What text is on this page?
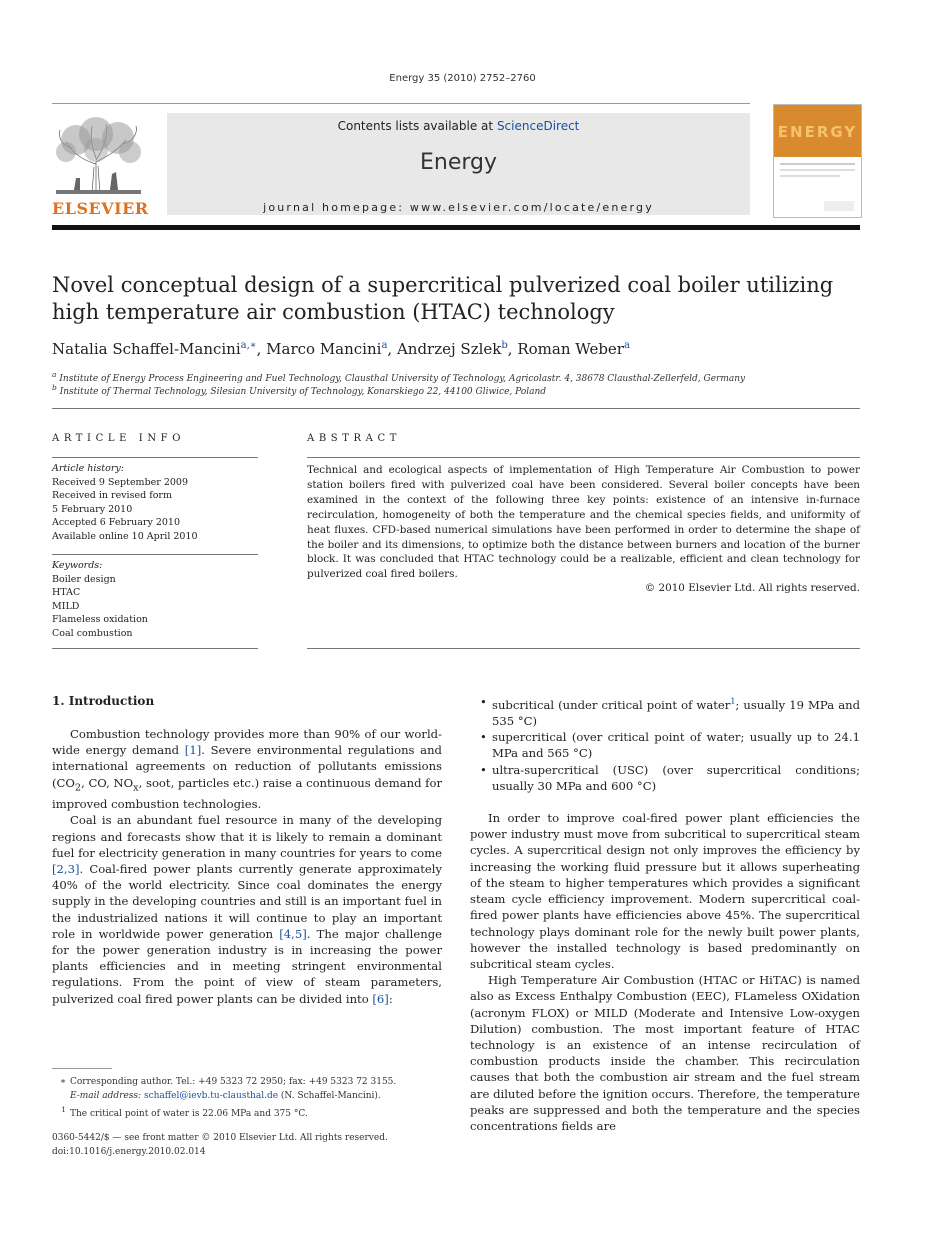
Energy 35 (2010) 2752–2760
ELSEVIER
Contents lists available at ScienceDirect
Energy
journal homepage: www.elsevier.com/locate/energy
ENERGY
Novel conceptual design of a supercritical pulverized coal boiler utilizing high temperature air combustion (HTAC) technology
Natalia Schaffel-Mancini$^{a,∗}$, Marco Mancini$^a$, Andrzej Szlek$^b$, Roman Weber$^a$
$^a$ Institute of Energy Process Engineering and Fuel Technology, Clausthal University of Technology, Agricolastr. 4, 38678 Clausthal-Zellerfeld, Germany
$^b$ Institute of Thermal Technology, Silesian University of Technology, Konarskiego 22, 44100 Gliwice, Poland
ARTICLE INFO
Article history:
Received 9 September 2009
Received in revised form
5 February 2010
Accepted 6 February 2010
Available online 10 April 2010
Keywords:
Boiler design
HTAC
MILD
Flameless oxidation
Coal combustion
ABSTRACT
Technical and ecological aspects of implementation of High Temperature Air Combustion to power station boilers fired with pulverized coal have been considered. Several boiler concepts have been examined in the context of the following three key points: existence of an intensive in-furnace recirculation, homogeneity of both the temperature and the chemical species fields, and uniformity of heat fluxes. CFD-based numerical simulations have been performed in order to determine the shape of the boiler and its dimensions, to optimize both the distance between burners and location of the burner block. It was concluded that HTAC technology could be a realizable, efficient and clean technology for pulverized coal fired boilers.
© 2010 Elsevier Ltd. All rights reserved.
1. Introduction

Combustion technology provides more than 90% of our world-wide energy demand [1]. Severe environmental regulations and international agreements on reduction of pollutants emissions ($CO_2$, CO, $NO_x$, soot, particles etc.) raise a continuous demand for improved combustion technologies.

Coal is an abundant fuel resource in many of the developing regions and forecasts show that it is likely to remain a dominant fuel for electricity generation in many countries for years to come [2,3]. Coal-fired power plants currently generate approximately 40% of the world electricity. Since coal dominates the energy supply in the developing countries and still is an important fuel in the industrialized nations it will continue to play an important role in worldwide power generation [4,5]. The major challenge for the power generation industry is in increasing the power plants efficiencies and in meeting stringent environmental regulations. From the point of view of steam parameters, pulverized coal fired power plants can be divided into [6]:

• subcritical (under critical point of water$^1$; usually 19 MPa and 535 °C)
• supercritical (over critical point of water; usually up to 24.1 MPa and 565 °C)
• ultra-supercritical (USC) (over supercritical conditions; usually 30 MPa and 600 °C)

In order to improve coal-fired power plant efficiencies the power industry must move from subcritical to supercritical steam cycles. A supercritical design not only improves the efficiency by increasing the working fluid pressure but it allows superheating of the steam to higher temperatures which provides a significant steam cycle efficiency improvement. Modern supercritical coal-fired power plants have efficiencies above 45%. The supercritical technology plays dominant role for the newly built power plants, however the installed technology is based predominantly on subcritical steam cycles.

High Temperature Air Combustion (HTAC or HiTAC) is named also as Excess Enthalpy Combustion (EEC), FLameless OXidation (acronym FLOX) or MILD (Moderate and Intensive Low-oxygen Dilution) combustion. The most important feature of HTAC technology is an existence of an intense recirculation of combustion products inside the chamber. This recirculation causes that both the combustion air stream and the fuel stream are diluted before the ignition occurs. Therefore, the temperature peaks are suppressed and both the temperature and the species concentrations fields are

∗ Corresponding author. Tel.: +49 5323 72 2950; fax: +49 5323 72 3155.
E-mail address: schaffel@ievb.tu-clausthal.de (N. Schaffel-Mancini).
$^1$ The critical point of water is 22.06 MPa and 375 °C.
0360-5442/$ — see front matter © 2010 Elsevier Ltd. All rights reserved.
doi:10.1016/j.energy.2010.02.014
